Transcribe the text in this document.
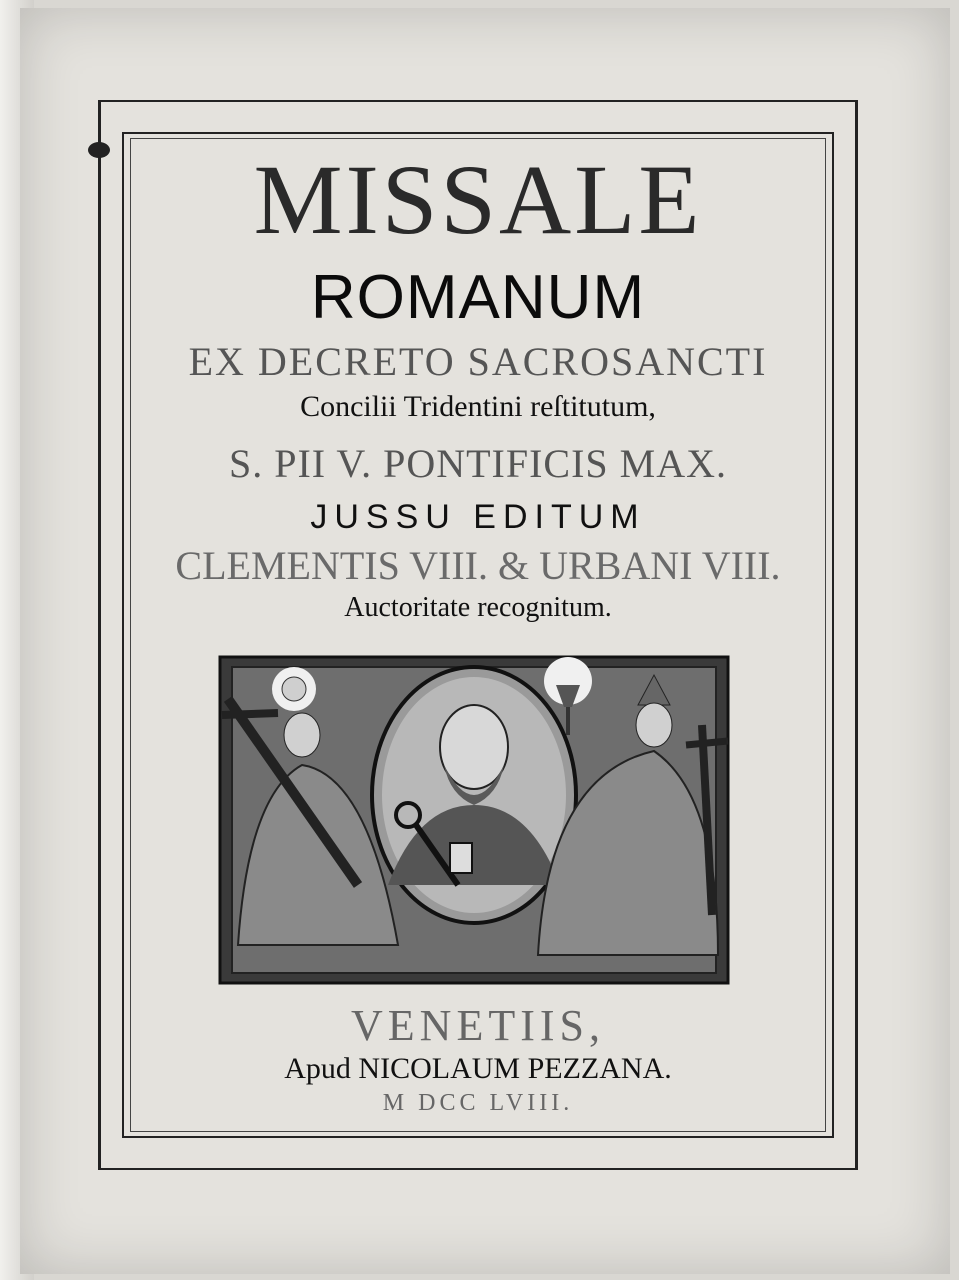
MISSALE
ROMANUM
EX DECRETO SACROSANCTI
Concilii Tridentini reſtitutum,
S. PII V. PONTIFICIS MAX.
JUSSU EDITUM
CLEMENTIS VIII. & URBANI VIII.
Auctoritate recognitum.
VENETIIS,
Apud NICOLAUM PEZZANA.
M DCC LVIII.
